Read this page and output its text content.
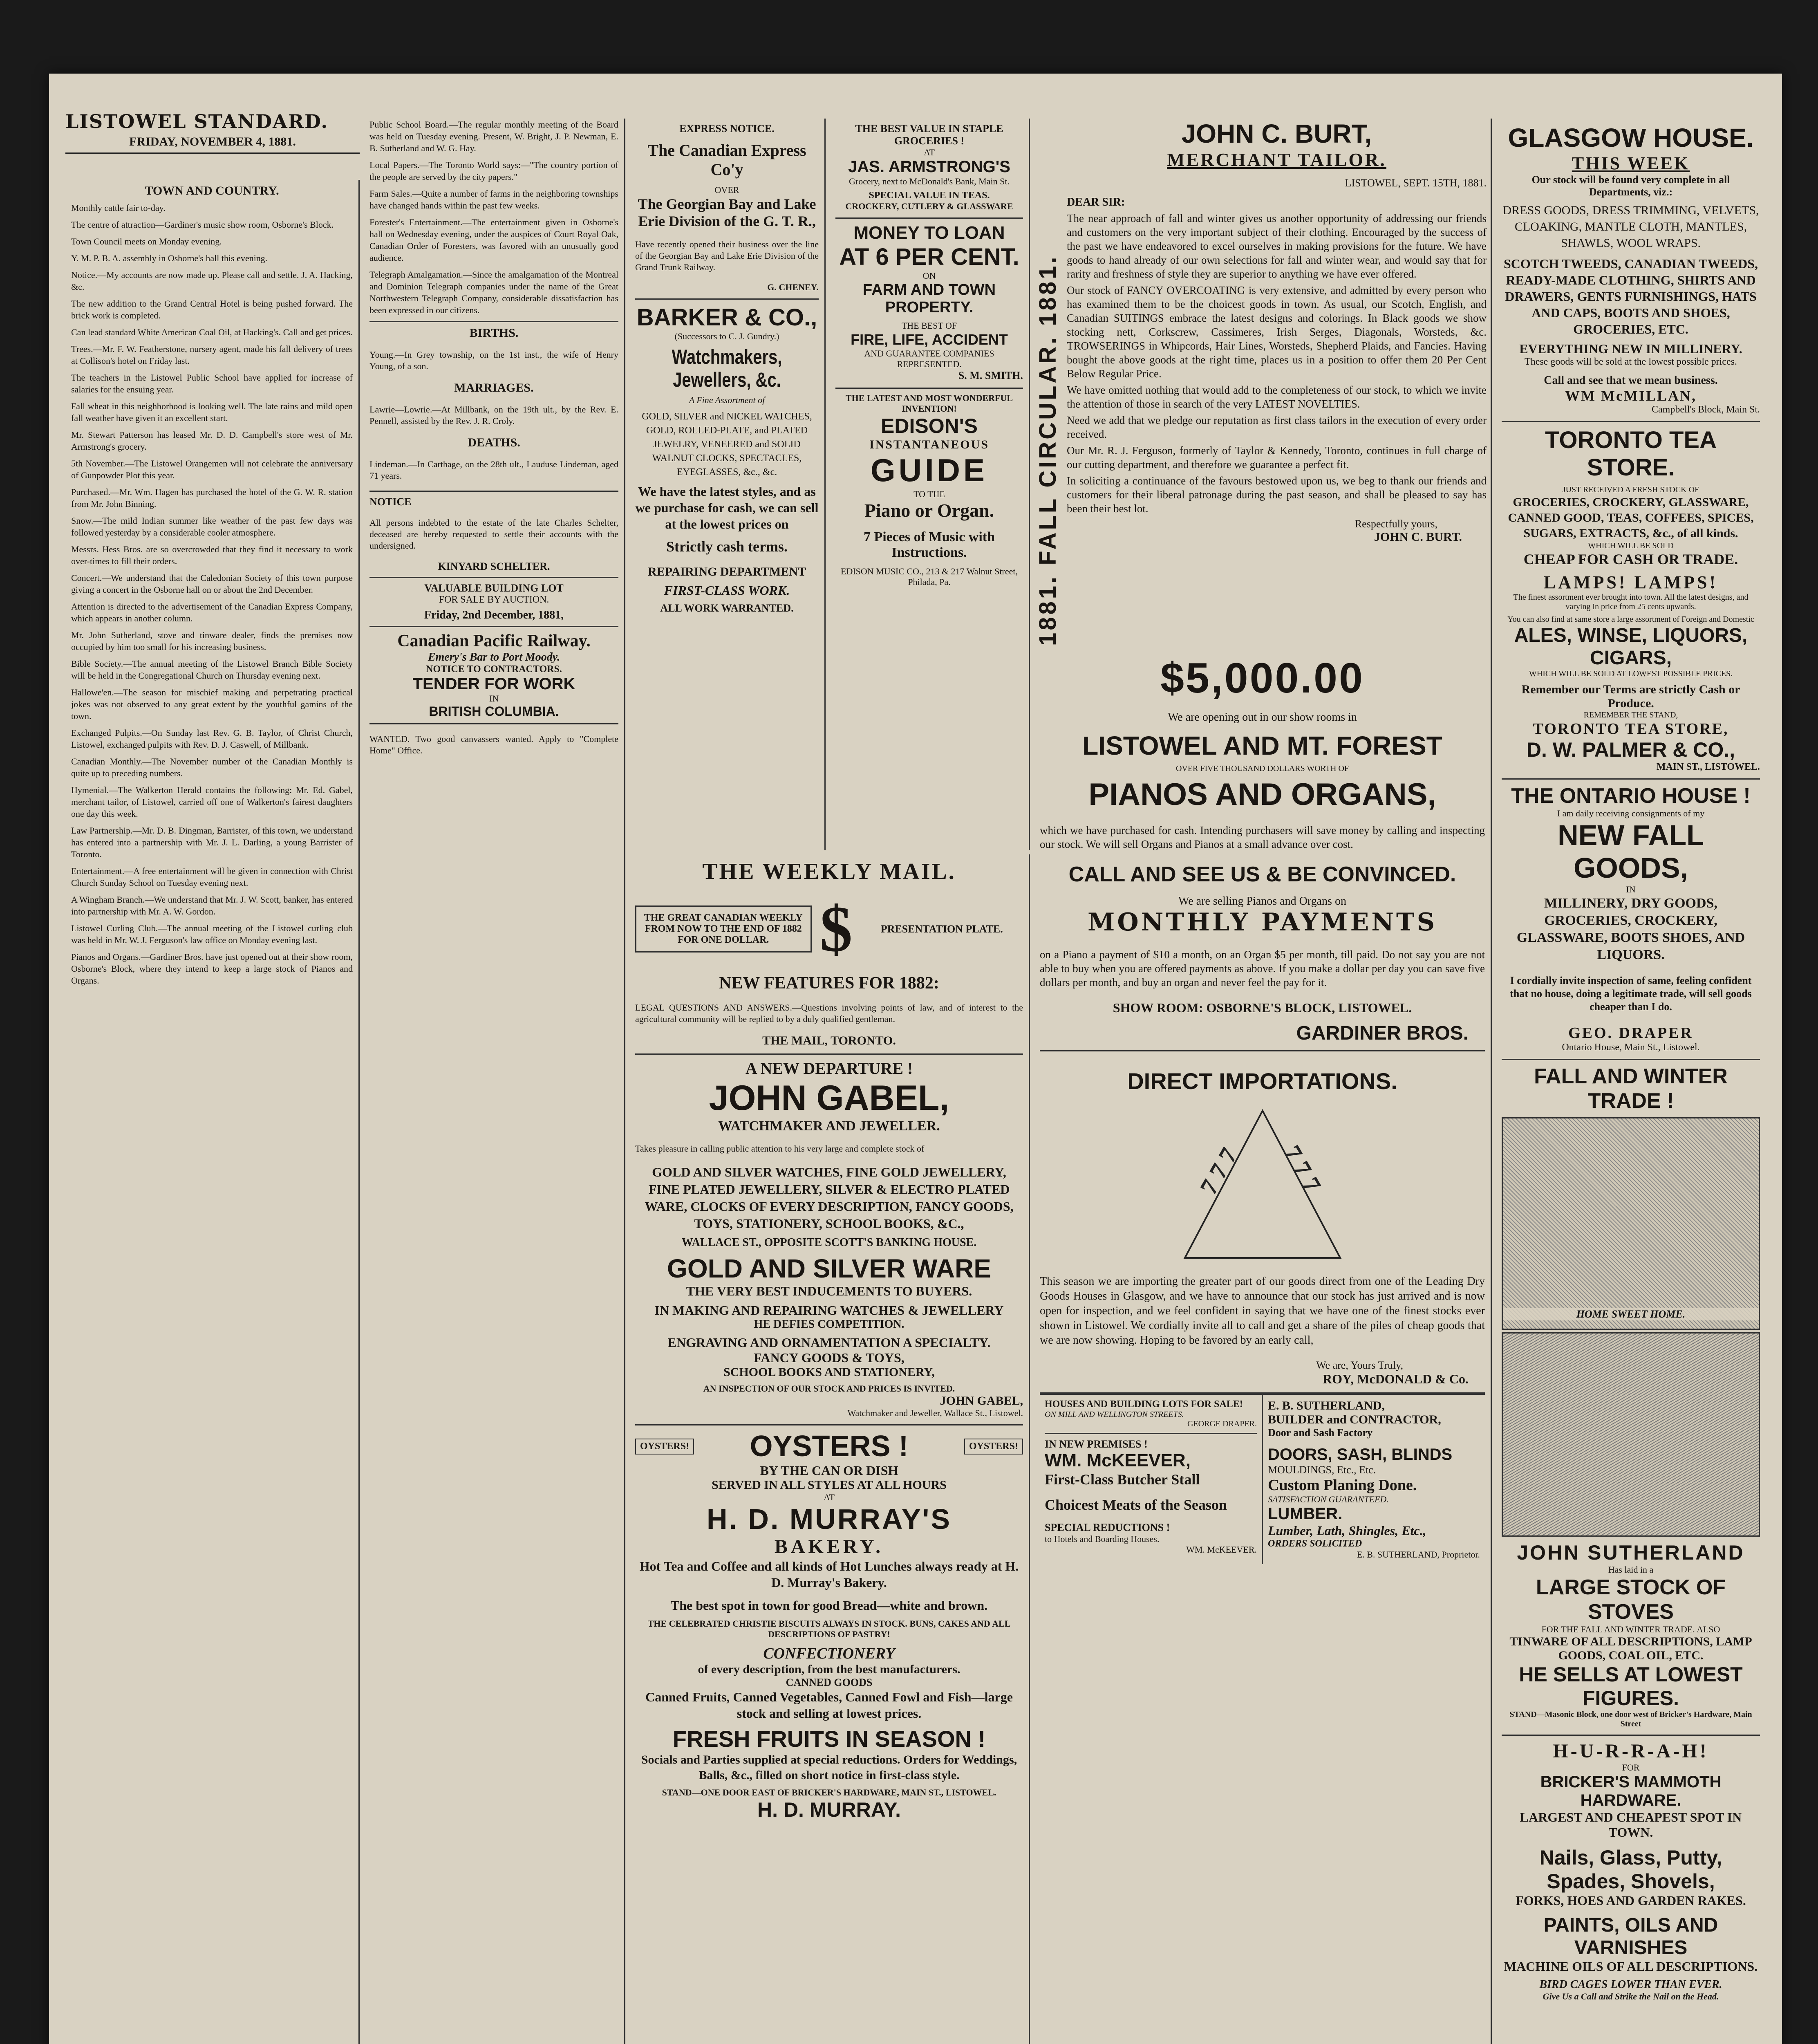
LISTOWEL STANDARD.
FRIDAY, NOVEMBER 4, 1881.
TOWN AND COUNTRY.

Monthly cattle fair to-day.

The centre of attraction—Gardiner's music show room, Osborne's Block.

Town Council meets on Monday evening.

Y. M. P. B. A. assembly in Osborne's hall this evening.

Notice.—My accounts are now made up. Please call and settle. J. A. Hacking, &c.

The new addition to the Grand Central Hotel is being pushed forward. The brick work is completed.

Can lead standard White American Coal Oil, at Hacking's. Call and get prices.

Trees.—Mr. F. W. Featherstone, nursery agent, made his fall delivery of trees at Collison's hotel on Friday last.

The teachers in the Listowel Public School have applied for increase of salaries for the ensuing year.

Fall wheat in this neighborhood is looking well. The late rains and mild open fall weather have given it an excellent start.

Mr. Stewart Patterson has leased Mr. D. D. Campbell's store west of Mr. Armstrong's grocery.

5th November.—The Listowel Orangemen will not celebrate the anniversary of Gunpowder Plot this year.

Purchased.—Mr. Wm. Hagen has purchased the hotel of the G. W. R. station from Mr. John Binning.

Snow.—The mild Indian summer like weather of the past few days was followed yesterday by a considerable cooler atmosphere.

Messrs. Hess Bros. are so overcrowded that they find it necessary to work over-times to fill their orders.

Concert.—We understand that the Caledonian Society of this town purpose giving a concert in the Osborne hall on or about the 2nd December.

Attention is directed to the advertisement of the Canadian Express Company, which appears in another column.

Mr. John Sutherland, stove and tinware dealer, finds the premises now occupied by him too small for his increasing business.

Bible Society.—The annual meeting of the Listowel Branch Bible Society will be held in the Congregational Church on Thursday evening next.

Hallowe'en.—The season for mischief making and perpetrating practical jokes was not observed to any great extent by the youthful gamins of the town.

Exchanged Pulpits.—On Sunday last Rev. G. B. Taylor, of Christ Church, Listowel, exchanged pulpits with Rev. D. J. Caswell, of Millbank.

Canadian Monthly.—The November number of the Canadian Monthly is quite up to preceding numbers.

Hymenial.—The Walkerton Herald contains the following: Mr. Ed. Gabel, merchant tailor, of Listowel, carried off one of Walkerton's fairest daughters one day this week.

Law Partnership.—Mr. D. B. Dingman, Barrister, of this town, we understand has entered into a partnership with Mr. J. L. Darling, a young Barrister of Toronto.

Entertainment.—A free entertainment will be given in connection with Christ Church Sunday School on Tuesday evening next.

A Wingham Branch.—We understand that Mr. J. W. Scott, banker, has entered into partnership with Mr. A. W. Gordon.

Listowel Curling Club.—The annual meeting of the Listowel curling club was held in Mr. W. J. Ferguson's law office on Monday evening last.

Pianos and Organs.—Gardiner Bros. have just opened out at their show room, Osborne's Block, where they intend to keep a large stock of Pianos and Organs.

Public School Board.—The regular monthly meeting of the Board was held on Tuesday evening. Present, W. Bright, J. P. Newman, E. B. Sutherland and W. G. Hay.

Local Papers.—The Toronto World says:—"The country portion of the people are served by the city papers."

Farm Sales.—Quite a number of farms in the neighboring townships have changed hands within the past few weeks.

Forester's Entertainment.—The entertainment given in Osborne's hall on Wednesday evening, under the auspices of Court Royal Oak, Canadian Order of Foresters, was favored with an unusually good audience.

Telegraph Amalgamation.—Since the amalgamation of the Montreal and Dominion Telegraph companies under the name of the Great Northwestern Telegraph Company, considerable dissatisfaction has been expressed in our citizens.

BIRTHS.

Young.—In Grey township, on the 1st inst., the wife of Henry Young, of a son.

MARRIAGES.

Lawrie—Lowrie.—At Millbank, on the 19th ult., by the Rev. E. Pennell, assisted by the Rev. J. R. Croly.

DEATHS.

Lindeman.—In Carthage, on the 28th ult., Lauduse Lindeman, aged 71 years.

NOTICE

All persons indebted to the estate of the late Charles Schelter, deceased are hereby requested to settle their accounts with the undersigned.

KINYARD SCHELTER.
VALUABLE BUILDING LOT
FOR SALE BY AUCTION.
Friday, 2nd December, 1881,
Canadian Pacific Railway.
Emery's Bar to Port Moody.
NOTICE TO CONTRACTORS.
TENDER FOR WORK
IN
BRITISH COLUMBIA.

WANTED. Two good canvassers wanted. Apply to "Complete Home" Office.

EXPRESS NOTICE.
The Canadian Express Co'y
OVER
The Georgian Bay and Lake Erie Division of the G. T. R.,

Have recently opened their business over the line of the Georgian Bay and Lake Erie Division of the Grand Trunk Railway.

G. CHENEY.
BARKER & CO.,
(Successors to C. J. Gundry.)
Watchmakers, Jewellers, &c.
A Fine Assortment of
GOLD, SILVER and NICKEL WATCHES, GOLD, ROLLED-PLATE, and PLATED JEWELRY, VENEERED and SOLID WALNUT CLOCKS, SPECTACLES, EYEGLASSES, &c., &c.
We have the latest styles, and as we purchase for cash, we can sell at the lowest prices on
Strictly cash terms.
REPAIRING DEPARTMENT
FIRST-CLASS WORK.
ALL WORK WARRANTED.
THE BEST VALUE IN STAPLE GROCERIES !
AT
JAS. ARMSTRONG'S
Grocery, next to McDonald's Bank, Main St.
SPECIAL VALUE IN TEAS.
CROCKERY, CUTLERY & GLASSWARE
MONEY TO LOAN
AT 6 PER CENT.
ON
FARM AND TOWN PROPERTY.
THE BEST OF
FIRE, LIFE, ACCIDENT
AND GUARANTEE COMPANIES REPRESENTED.
S. M. SMITH.
THE LATEST AND MOST WONDERFUL INVENTION!
EDISON'S
INSTANTANEOUS
GUIDE
TO THE
Piano or Organ.
7 Pieces of Music with Instructions.
EDISON MUSIC CO., 213 & 217 Walnut Street, Philada, Pa.
THE WEEKLY MAIL.
THE GREAT CANADIAN WEEKLY FROM NOW TO THE END OF 1882 FOR ONE DOLLAR. $	PRESENTATION PLATE.
NEW FEATURES FOR 1882:

LEGAL QUESTIONS AND ANSWERS.—Questions involving points of law, and of interest to the agricultural community will be replied to by a duly qualified gentleman.

THE MAIL, TORONTO.
A NEW DEPARTURE !
JOHN GABEL,
WATCHMAKER AND JEWELLER.

Takes pleasure in calling public attention to his very large and complete stock of

GOLD AND SILVER WATCHES, FINE GOLD JEWELLERY, FINE PLATED JEWELLERY, SILVER & ELECTRO PLATED WARE, CLOCKS OF EVERY DESCRIPTION, FANCY GOODS, TOYS, STATIONERY, SCHOOL BOOKS, &C.,
WALLACE ST., OPPOSITE SCOTT'S BANKING HOUSE.
GOLD AND SILVER WARE
THE VERY BEST INDUCEMENTS TO BUYERS.
IN MAKING AND REPAIRING WATCHES & JEWELLERY
HE DEFIES COMPETITION.
ENGRAVING AND ORNAMENTATION A SPECIALTY.
FANCY GOODS & TOYS,
SCHOOL BOOKS AND STATIONERY,
AN INSPECTION OF OUR STOCK AND PRICES IS INVITED.
JOHN GABEL,
Watchmaker and Jeweller, Wallace St., Listowel.
OYSTERS! OYSTERS !	OYSTERS!
BY THE CAN OR DISH
SERVED IN ALL STYLES AT ALL HOURS
AT
H. D. MURRAY'S
BAKERY.
Hot Tea and Coffee and all kinds of Hot Lunches always ready at H. D. Murray's Bakery.
The best spot in town for good Bread—white and brown.
THE CELEBRATED CHRISTIE BISCUITS ALWAYS IN STOCK. BUNS, CAKES AND ALL DESCRIPTIONS OF PASTRY!
CONFECTIONERY
of every description, from the best manufacturers.
CANNED GOODS
Canned Fruits, Canned Vegetables, Canned Fowl and Fish—large stock and selling at lowest prices.
FRESH FRUITS IN SEASON !
Socials and Parties supplied at special reductions. Orders for Weddings, Balls, &c., filled on short notice in first-class style.
STAND—ONE DOOR EAST OF BRICKER'S HARDWARE, MAIN ST., LISTOWEL.
H. D. MURRAY.
1881. FALL CIRCULAR. 1881.
JOHN C. BURT,
MERCHANT TAILOR.
LISTOWEL, SEPT. 15TH, 1881.
DEAR SIR:

The near approach of fall and winter gives us another opportunity of addressing our friends and customers on the very important subject of their clothing. Encouraged by the success of the past we have endeavored to excel ourselves in making provisions for the future. We have goods to hand already of our own selections for fall and winter wear, and would say that for rarity and freshness of style they are superior to anything we have ever offered.

Our stock of FANCY OVERCOATING is very extensive, and admitted by every person who has examined them to be the choicest goods in town. As usual, our Scotch, English, and Canadian SUITINGS embrace the latest designs and colorings. In Black goods we show stocking nett, Corkscrew, Cassimeres, Irish Serges, Diagonals, Worsteds, &c. TROWSERINGS in Whipcords, Hair Lines, Worsteds, Shepherd Plaids, and Fancies. Having bought the above goods at the right time, places us in a position to offer them 20 Per Cent Below Regular Price.

We have omitted nothing that would add to the completeness of our stock, to which we invite the attention of those in search of the very LATEST NOVELTIES.

Need we add that we pledge our reputation as first class tailors in the execution of every order received.

Our Mr. R. J. Ferguson, formerly of Taylor & Kennedy, Toronto, continues in full charge of our cutting department, and therefore we guarantee a perfect fit.

In soliciting a continuance of the favours bestowed upon us, we beg to thank our friends and customers for their liberal patronage during the past season, and shall be pleased to say has been their best lot.

Respectfully yours,
JOHN C. BURT.
$5,000.00
We are opening out in our show rooms in
LISTOWEL AND MT. FOREST
OVER FIVE THOUSAND DOLLARS WORTH OF
PIANOS AND ORGANS,

which we have purchased for cash. Intending purchasers will save money by calling and inspecting our stock. We will sell Organs and Pianos at a small advance over cost.

CALL AND SEE US & BE CONVINCED.
We are selling Pianos and Organs on
MONTHLY PAYMENTS

on a Piano a payment of $10 a month, on an Organ $5 per month, till paid. Do not say you are not able to buy when you are offered payments as above. If you make a dollar per day you can save five dollars per month, and buy an organ and never feel the pay for it.

SHOW ROOM: OSBORNE'S BLOCK, LISTOWEL.
GARDINER BROS.
DIRECT IMPORTATIONS.
7 7 7 7 7 7

This season we are importing the greater part of our goods direct from one of the Leading Dry Goods Houses in Glasgow, and we have to announce that our stock has just arrived and is now open for inspection, and we feel confident in saying that we have one of the finest stocks ever shown in Listowel. We cordially invite all to call and get a share of the piles of cheap goods that we are now showing. Hoping to be favored by an early call,

We are, Yours Truly,
ROY, McDONALD & Co.
HOUSES AND BUILDING LOTS FOR SALE!
ON MILL AND WELLINGTON STREETS.
GEORGE DRAPER.
IN NEW PREMISES !
WM. McKEEVER,
First-Class Butcher Stall
Choicest Meats of the Season
SPECIAL REDUCTIONS !
to Hotels and Boarding Houses.
WM. McKEEVER.
E. B. SUTHERLAND,
BUILDER and CONTRACTOR,
Door and Sash Factory
DOORS, SASH, BLINDS
MOULDINGS, Etc., Etc.
Custom Planing Done.
SATISFACTION GUARANTEED.
LUMBER.
Lumber, Lath, Shingles, Etc.,
ORDERS SOLICITED
E. B. SUTHERLAND, Proprietor.
GLASGOW HOUSE.
THIS WEEK
Our stock will be found very complete in all Departments, viz.:
DRESS GOODS, DRESS TRIMMING, VELVETS, CLOAKING, MANTLE CLOTH, MANTLES, SHAWLS, WOOL WRAPS.
SCOTCH TWEEDS, CANADIAN TWEEDS, READY-MADE CLOTHING, SHIRTS AND DRAWERS, GENTS FURNISHINGS, HATS AND CAPS, BOOTS AND SHOES, GROCERIES, ETC.
EVERYTHING NEW IN MILLINERY.
These goods will be sold at the lowest possible prices.
Call and see that we mean business.
WM McMILLAN,
Campbell's Block, Main St.
TORONTO TEA STORE.
JUST RECEIVED A FRESH STOCK OF
GROCERIES, CROCKERY, GLASSWARE, CANNED GOOD, TEAS, COFFEES, SPICES, SUGARS, EXTRACTS, &c., of all kinds.
WHICH WILL BE SOLD
CHEAP FOR CASH OR TRADE.
LAMPS! LAMPS!
The finest assortment ever brought into town. All the latest designs, and varying in price from 25 cents upwards.
You can also find at same store a large assortment of Foreign and Domestic
ALES, WINSE, LIQUORS, CIGARS,
WHICH WILL BE SOLD AT LOWEST POSSIBLE PRICES.
Remember our Terms are strictly Cash or Produce.
REMEMBER THE STAND,
TORONTO TEA STORE,
D. W. PALMER & CO.,
MAIN ST., LISTOWEL.
THE ONTARIO HOUSE !
I am daily receiving consignments of my
NEW FALL GOODS,
IN
MILLINERY, DRY GOODS, GROCERIES, CROCKERY, GLASSWARE, BOOTS SHOES, AND LIQUORS.

I cordially invite inspection of same, feeling confident that no house, doing a legitimate trade, will sell goods cheaper than I do.

GEO. DRAPER
Ontario House, Main St., Listowel.
FALL AND WINTER TRADE !
HOME SWEET HOME.
JOHN SUTHERLAND
Has laid in a
LARGE STOCK OF STOVES
FOR THE FALL AND WINTER TRADE. ALSO
TINWARE OF ALL DESCRIPTIONS, LAMP GOODS, COAL OIL, ETC.
HE SELLS AT LOWEST FIGURES.
STAND—Masonic Block, one door west of Bricker's Hardware, Main Street
H-U-R-R-A-H!
FOR
BRICKER'S MAMMOTH HARDWARE.
LARGEST AND CHEAPEST SPOT IN TOWN.
Nails, Glass, Putty, Spades, Shovels,
FORKS, HOES AND GARDEN RAKES.
PAINTS, OILS AND VARNISHES
MACHINE OILS OF ALL DESCRIPTIONS.
BIRD CAGES LOWER THAN EVER.
Give Us a Call and Strike the Nail on the Head.
